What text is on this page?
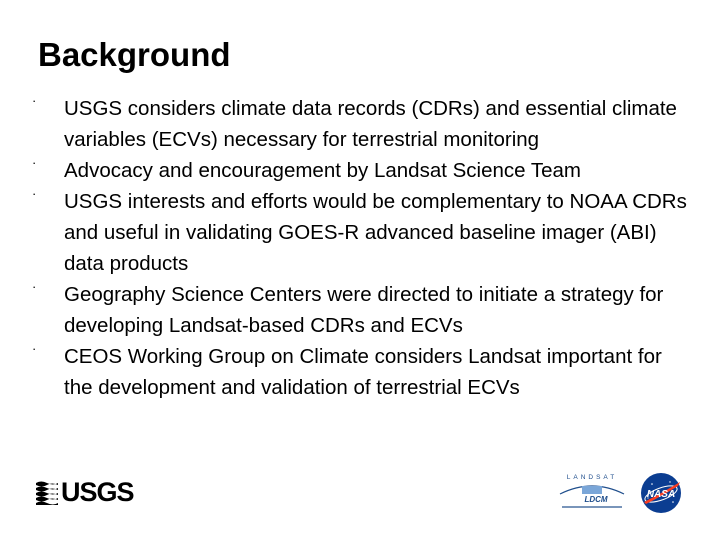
Background
· USGS considers climate data records (CDRs) and essential climate variables (ECVs) necessary for terrestrial monitoring
· Advocacy and encouragement by Landsat Science Team
· USGS interests and efforts would be complementary to NOAA CDRs and useful in validating GOES-R advanced baseline imager (ABI) data products
· Geography Science Centers were directed to initiate a strategy for developing Landsat-based CDRs and ECVs
· CEOS Working Group on Climate considers Landsat important for the development and validation of terrestrial ECVs
USGS	LANDSAT
LDCM	NASA
